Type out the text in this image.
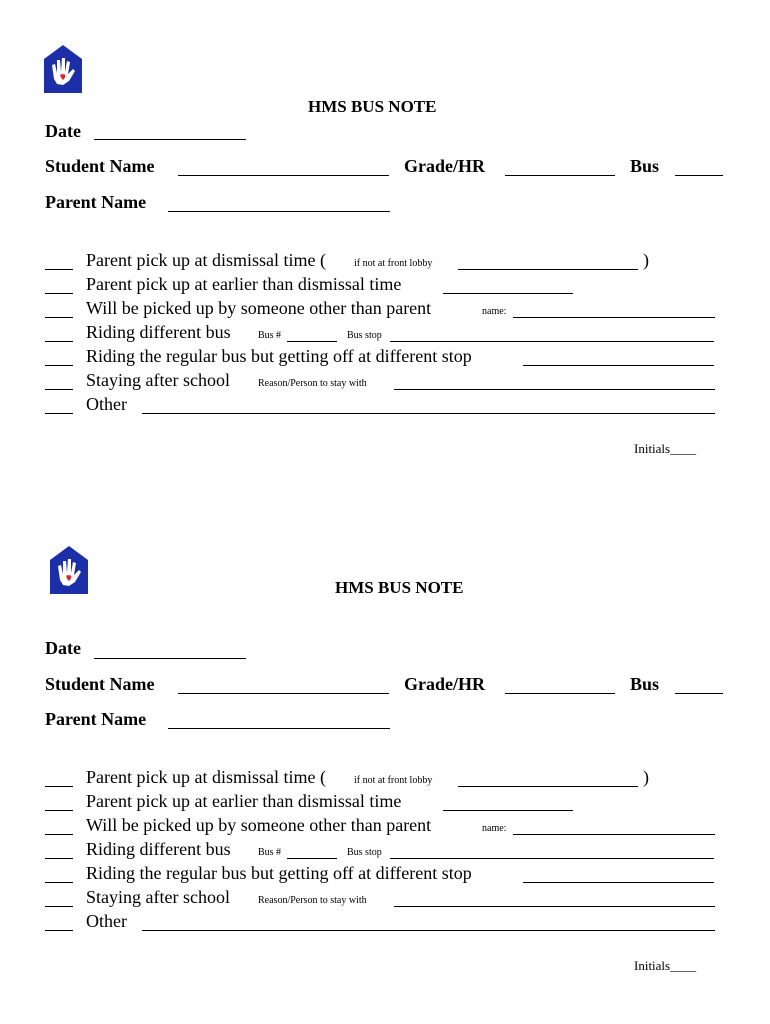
HMS BUS NOTE
Date
Student Name	Grade/HR	Bus
Parent Name
Parent pick up at dismissal time (	if not at front lobby	)
Parent pick up at earlier than dismissal time
Will be picked up by someone other than parent	name:
Riding different bus	Bus #	Bus stop
Riding the regular bus but getting off at different stop
Staying after school	Reason/Person to stay with
Other
Initials____
HMS BUS NOTE
Date
Student Name	Grade/HR	Bus
Parent Name
Parent pick up at dismissal time (	if not at front lobby	)
Parent pick up at earlier than dismissal time
Will be picked up by someone other than parent	name:
Riding different bus	Bus #	Bus stop
Riding the regular bus but getting off at different stop
Staying after school	Reason/Person to stay with
Other
Initials____
